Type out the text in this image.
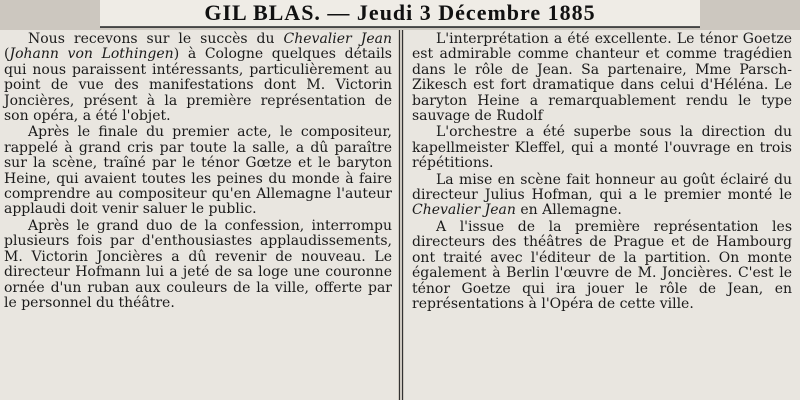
GIL BLAS. — Jeudi 3 Décembre 1885

Nous recevons sur le succès du Chevalier Jean (Johann von Lothingen) à Cologne quelques détails qui nous paraissent intéressants, particulièrement au point de vue des manifestations dont M. Victorin Joncières, présent à la première représentation de son opéra, a été l'objet.

Après le finale du premier acte, le compositeur, rappelé à grand cris par toute la salle, a dû paraître sur la scène, traîné par le ténor Gœtze et le baryton Heine, qui avaient toutes les peines du monde à faire comprendre au compositeur qu'en Allemagne l'auteur applaudi doit venir saluer le public.

Après le grand duo de la confession, interrompu plusieurs fois par d'enthousiastes applaudissements, M. Victorin Joncières a dû revenir de nouveau. Le directeur Hofmann lui a jeté de sa loge une couronne ornée d'un ruban aux couleurs de la ville, offerte par le personnel du théâtre.

L'interprétation a été excellente. Le ténor Goetze est admirable comme chanteur et comme tragédien dans le rôle de Jean. Sa partenaire, Mme Parsch-Zikesch est fort dramatique dans celui d'Héléna. Le baryton Heine a remarquablement rendu le type sauvage de Rudolf

L'orchestre a été superbe sous la direction du kapellmeister Kleffel, qui a monté l'ouvrage en trois répétitions.

La mise en scène fait honneur au goût éclairé du directeur Julius Hofman, qui a le premier monté le Chevalier Jean en Allemagne.

A l'issue de la première représentation les directeurs des théâtres de Prague et de Hambourg ont traité avec l'éditeur de la partition. On monte également à Berlin l'œuvre de M. Joncières. C'est le ténor Goetze qui ira jouer le rôle de Jean, en représentations à l'Opéra de cette ville.
